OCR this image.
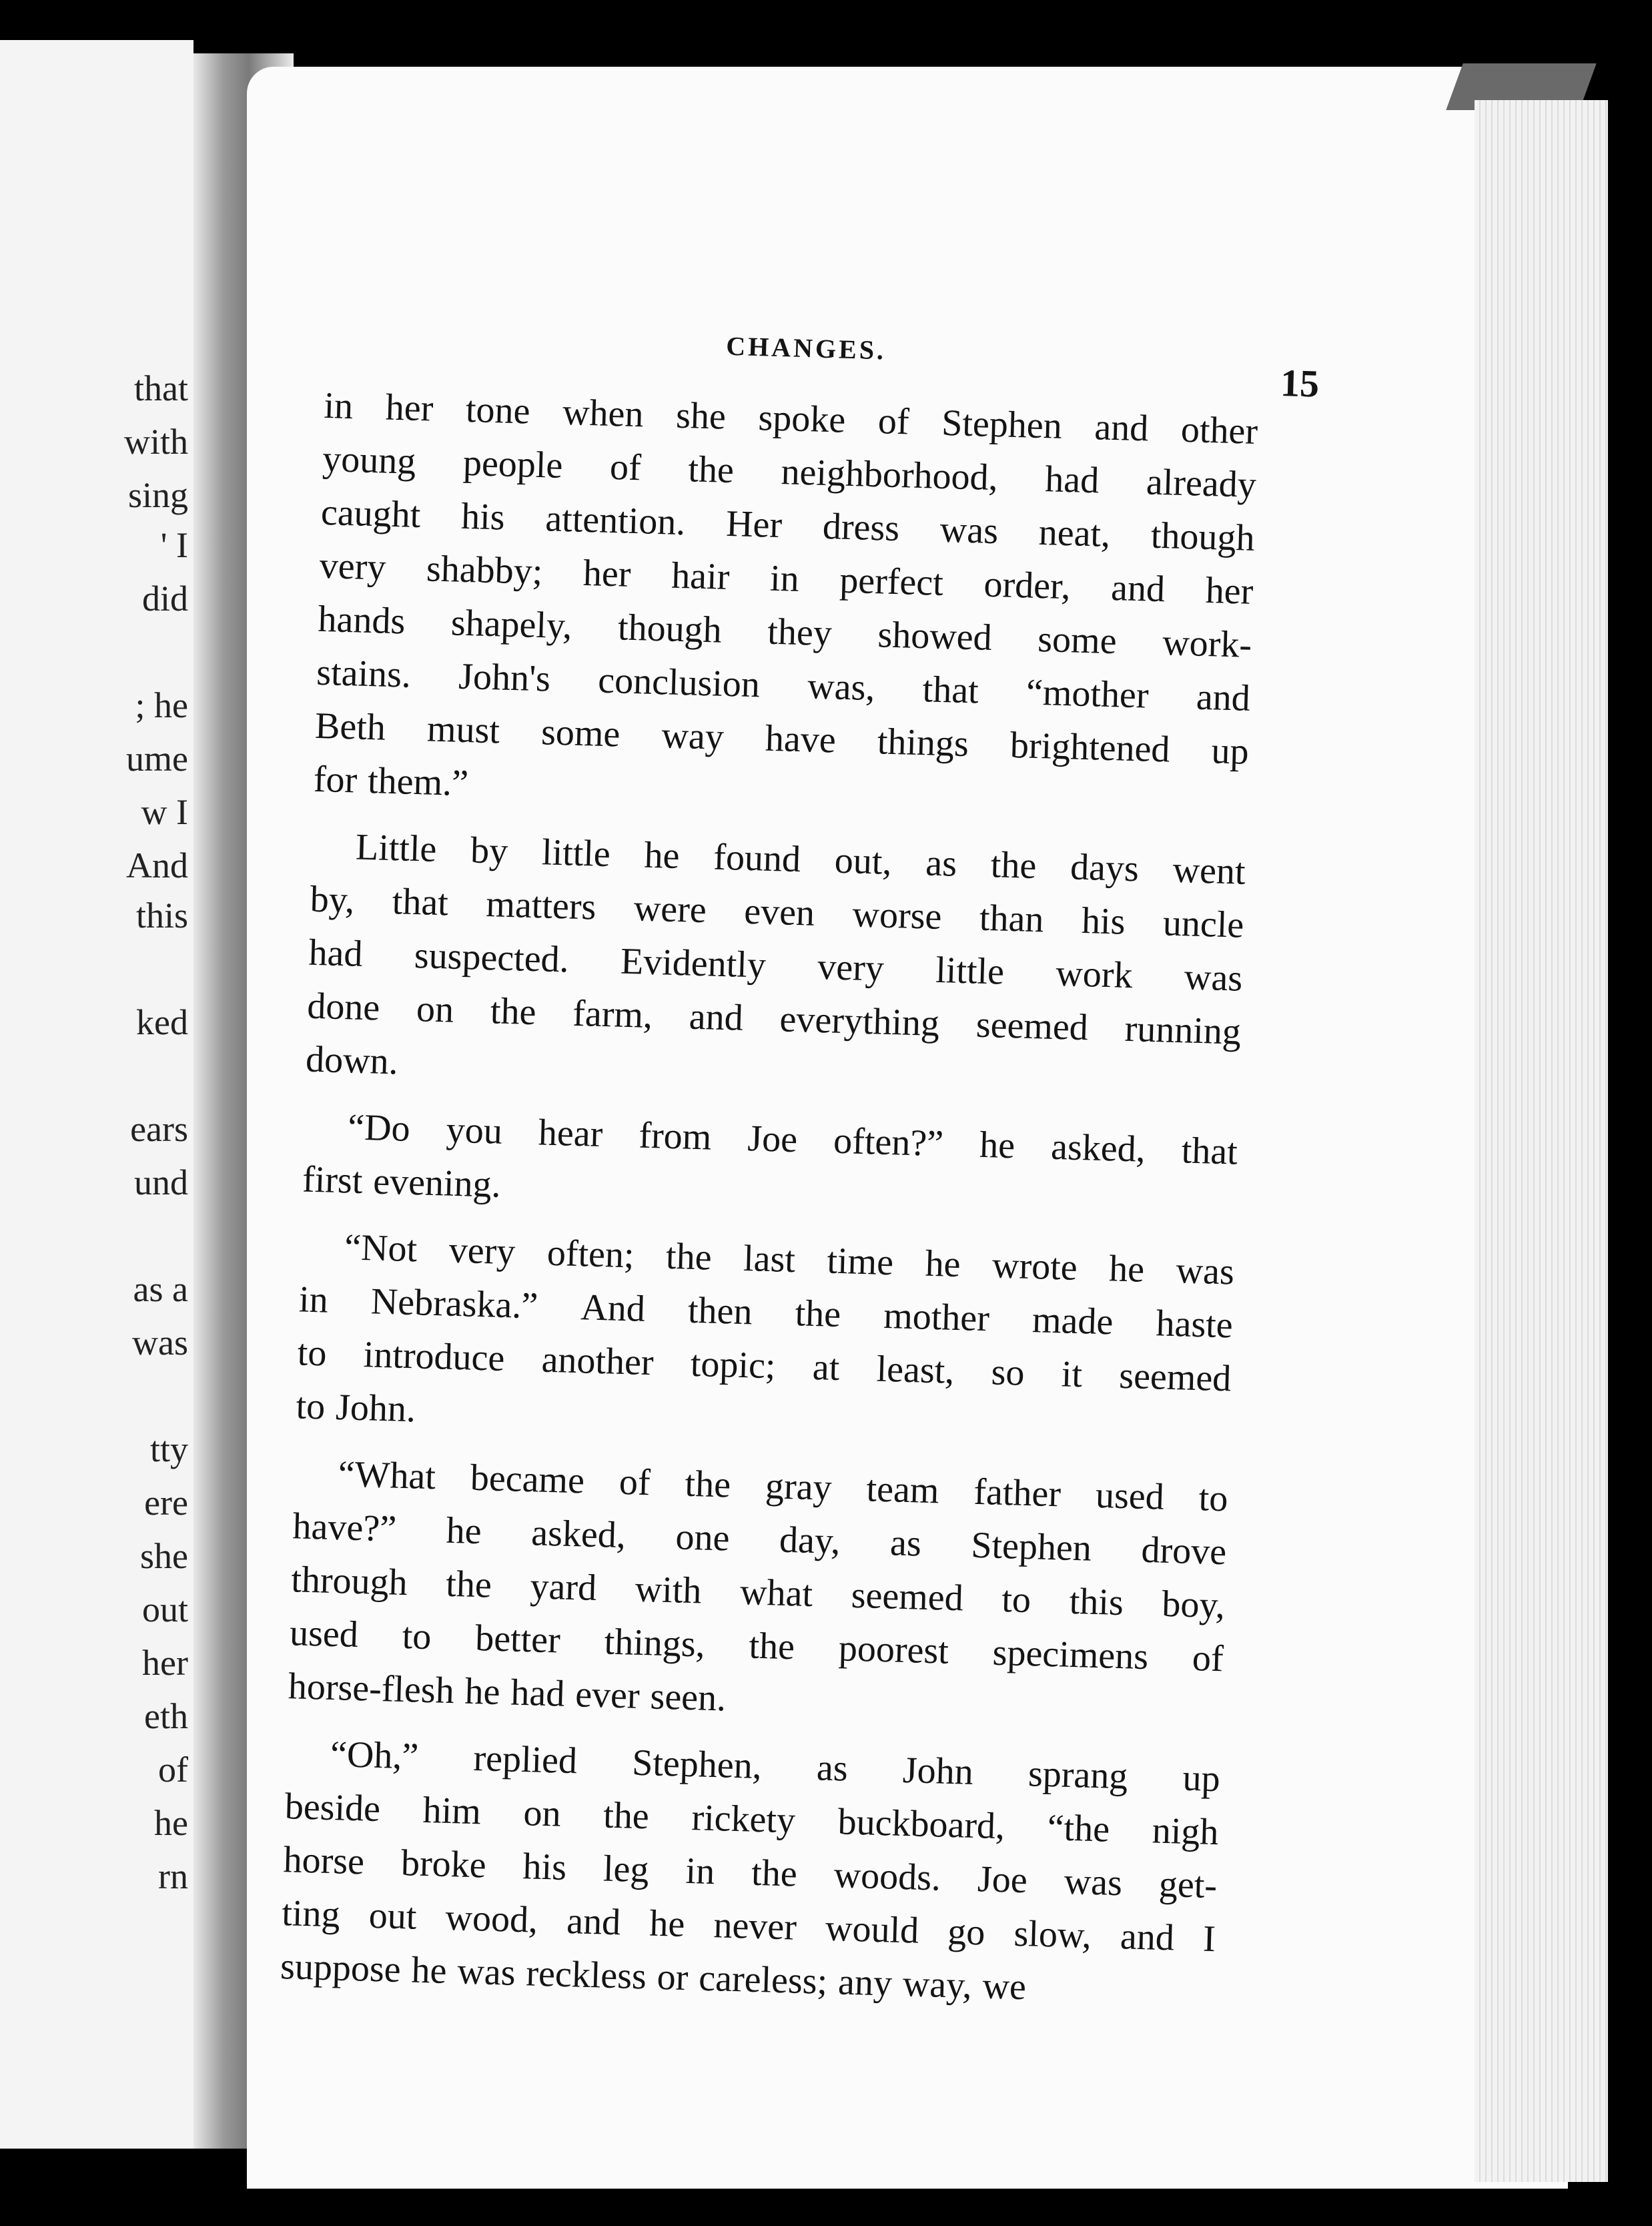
that
with
sing
' I
did
; he
ume
w I
And
this
ked
ears
und
as a
was
tty
ere
she
out
her
eth
of
he
rn
CHANGES.
15
in her tone when she spoke of Stephen and other
young people of the neighborhood, had already
caught his attention. Her dress was neat, though
very shabby; her hair in perfect order, and her
hands shapely, though they showed some work-
stains. John's conclusion was, that “mother and
Beth must some way have things brightened up
for them.”
Little by little he found out, as the days went
by, that matters were even worse than his uncle
had suspected. Evidently very little work was
done on the farm, and everything seemed running
down.
“Do you hear from Joe often?” he asked, that
first evening.
“Not very often; the last time he wrote he was
in Nebraska.” And then the mother made haste
to introduce another topic; at least, so it seemed
to John.
“What became of the gray team father used to
have?” he asked, one day, as Stephen drove
through the yard with what seemed to this boy,
used to better things, the poorest specimens of
horse-flesh he had ever seen.
“Oh,” replied Stephen, as John sprang up
beside him on the rickety buckboard, “the nigh
horse broke his leg in the woods. Joe was get-
ting out wood, and he never would go slow, and I
suppose he was reckless or careless; any way, we
